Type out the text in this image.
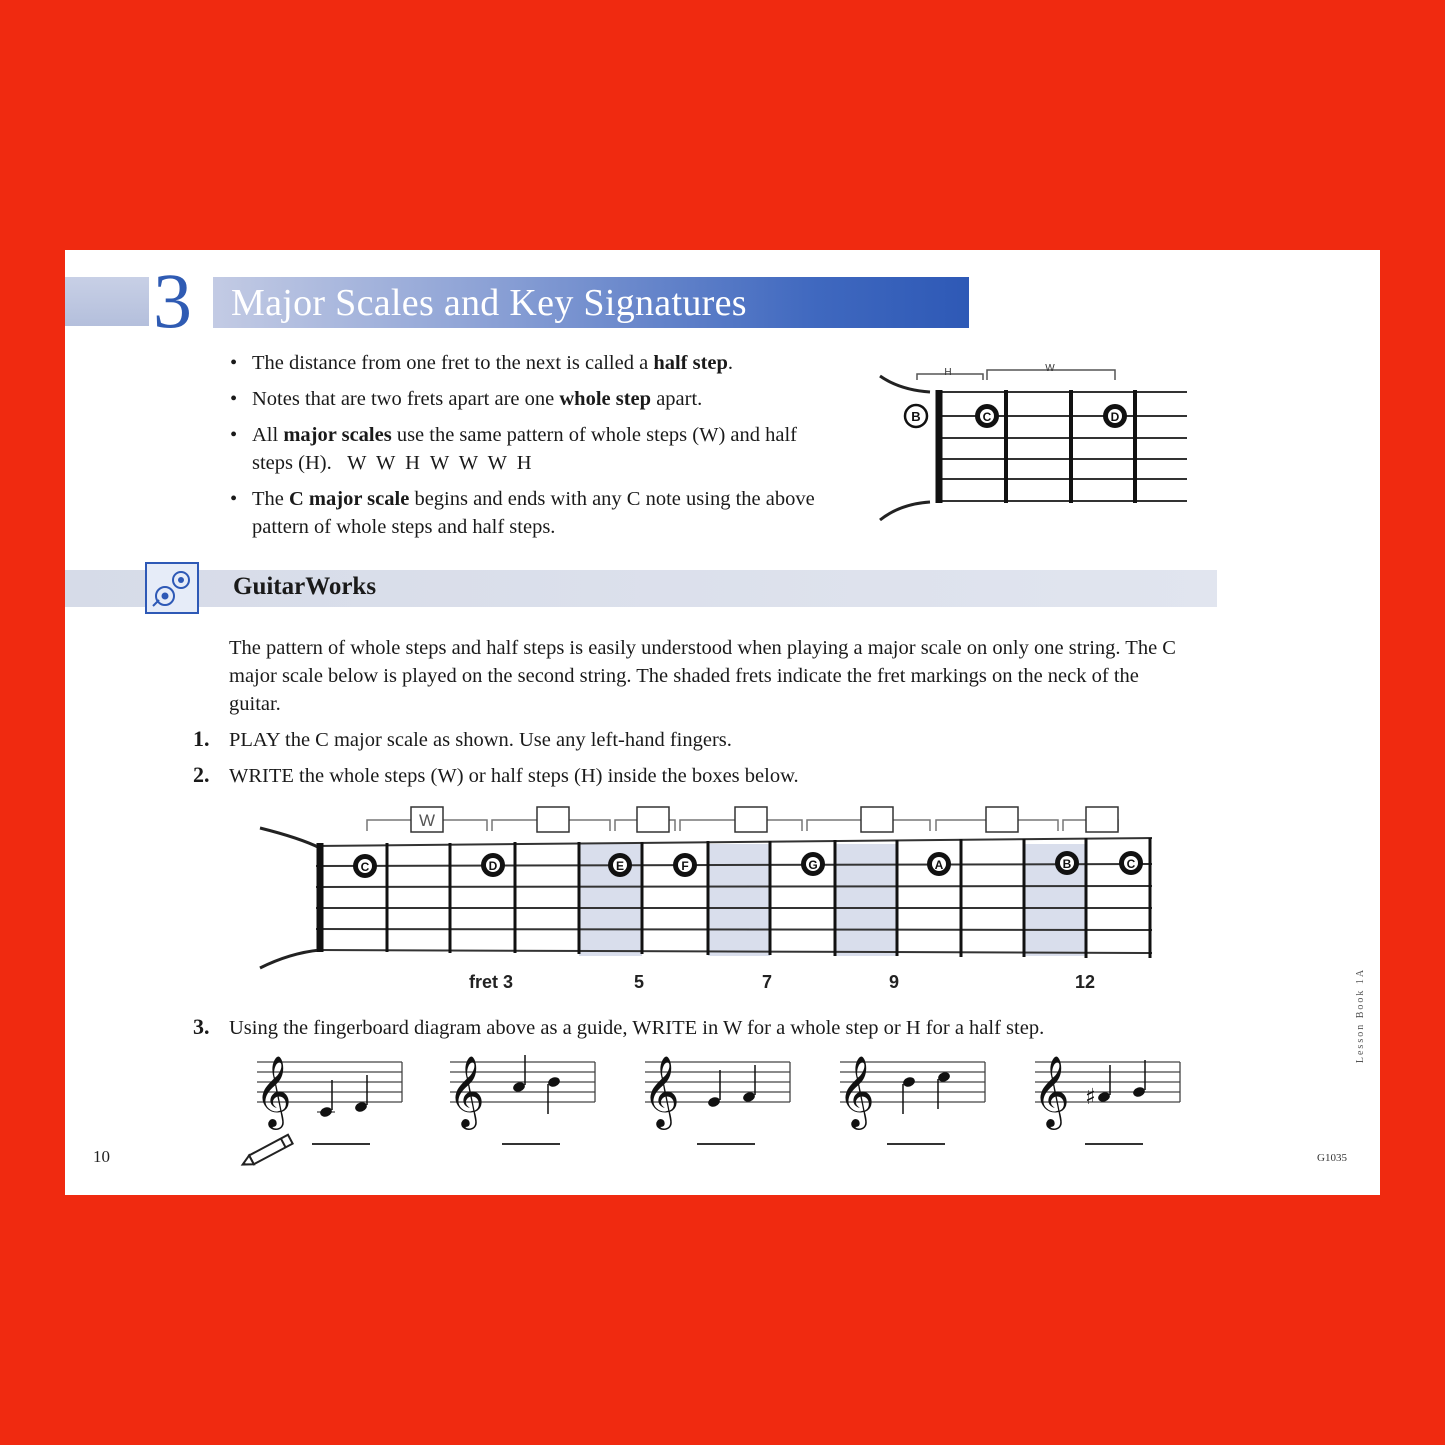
3 Major Scales and Key Signatures
• The distance from one fret to the next is called a half step.
• Notes that are two frets apart are one whole step apart.
• All major scales use the same pattern of whole steps (W) and half steps (H). W  W  H  W  W  W  H
• The C major scale begins and ends with any C note using the above pattern of whole steps and half steps.
H	W
B	C	D
GuitarWorks

The pattern of whole steps and half steps is easily understood when playing a major scale on only one string. The C major scale below is played on the second string. The shaded frets indicate the fret markings on the neck of the guitar.

1. PLAY the C major scale as shown. Use any left-hand fingers.
2. WRITE the whole steps (W) or half steps (H) inside the boxes below.
W
C	D	E	F	G	A	B	C
fret 3	5	7	9	12
3. Using the fingerboard diagram above as a guide, WRITE in W for a whole step or H for a half step.
𝄞	𝄞	𝄞	𝄞	𝄞 ♯
10	G1035
Lesson Book 1A
